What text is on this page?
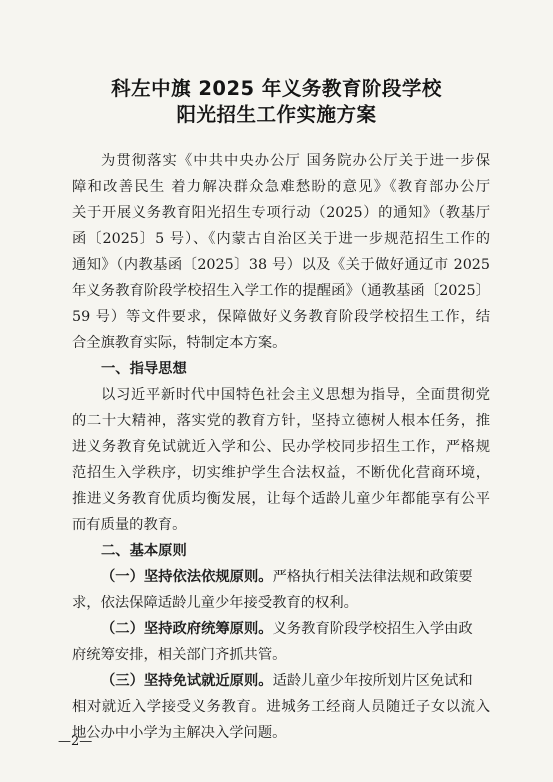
科左中旗 2025 年义务教育阶段学校
阳光招生工作实施方案
为贯彻落实《中共中央办公厅 国务院办公厅关于进一步保
障和改善民生 着力解决群众急难愁盼的意见》《教育部办公厅
关于开展义务教育阳光招生专项行动（2025）的通知》（教基厅
函〔2025〕5 号）、《内蒙古自治区关于进一步规范招生工作的
通知》（内教基函〔2025〕38 号）以及《关于做好通辽市 2025
年义务教育阶段学校招生入学工作的提醒函》（通教基函〔2025〕
59 号）等文件要求，保障做好义务教育阶段学校招生工作，结
合全旗教育实际，特制定本方案。
一、指导思想
以习近平新时代中国特色社会主义思想为指导，全面贯彻党
的二十大精神，落实党的教育方针，坚持立德树人根本任务，推
进义务教育免试就近入学和公、民办学校同步招生工作，严格规
范招生入学秩序，切实维护学生合法权益，不断优化营商环境，
推进义务教育优质均衡发展，让每个适龄儿童少年都能享有公平
而有质量的教育。
二、基本原则
（一）坚持依法依规原则。严格执行相关法律法规和政策要
求，依法保障适龄儿童少年接受教育的权利。
（二）坚持政府统筹原则。义务教育阶段学校招生入学由政
府统筹安排，相关部门齐抓共管。
（三）坚持免试就近原则。适龄儿童少年按所划片区免试和
相对就近入学接受义务教育。进城务工经商人员随迁子女以流入
地公办中小学为主解决入学问题。
—2—
